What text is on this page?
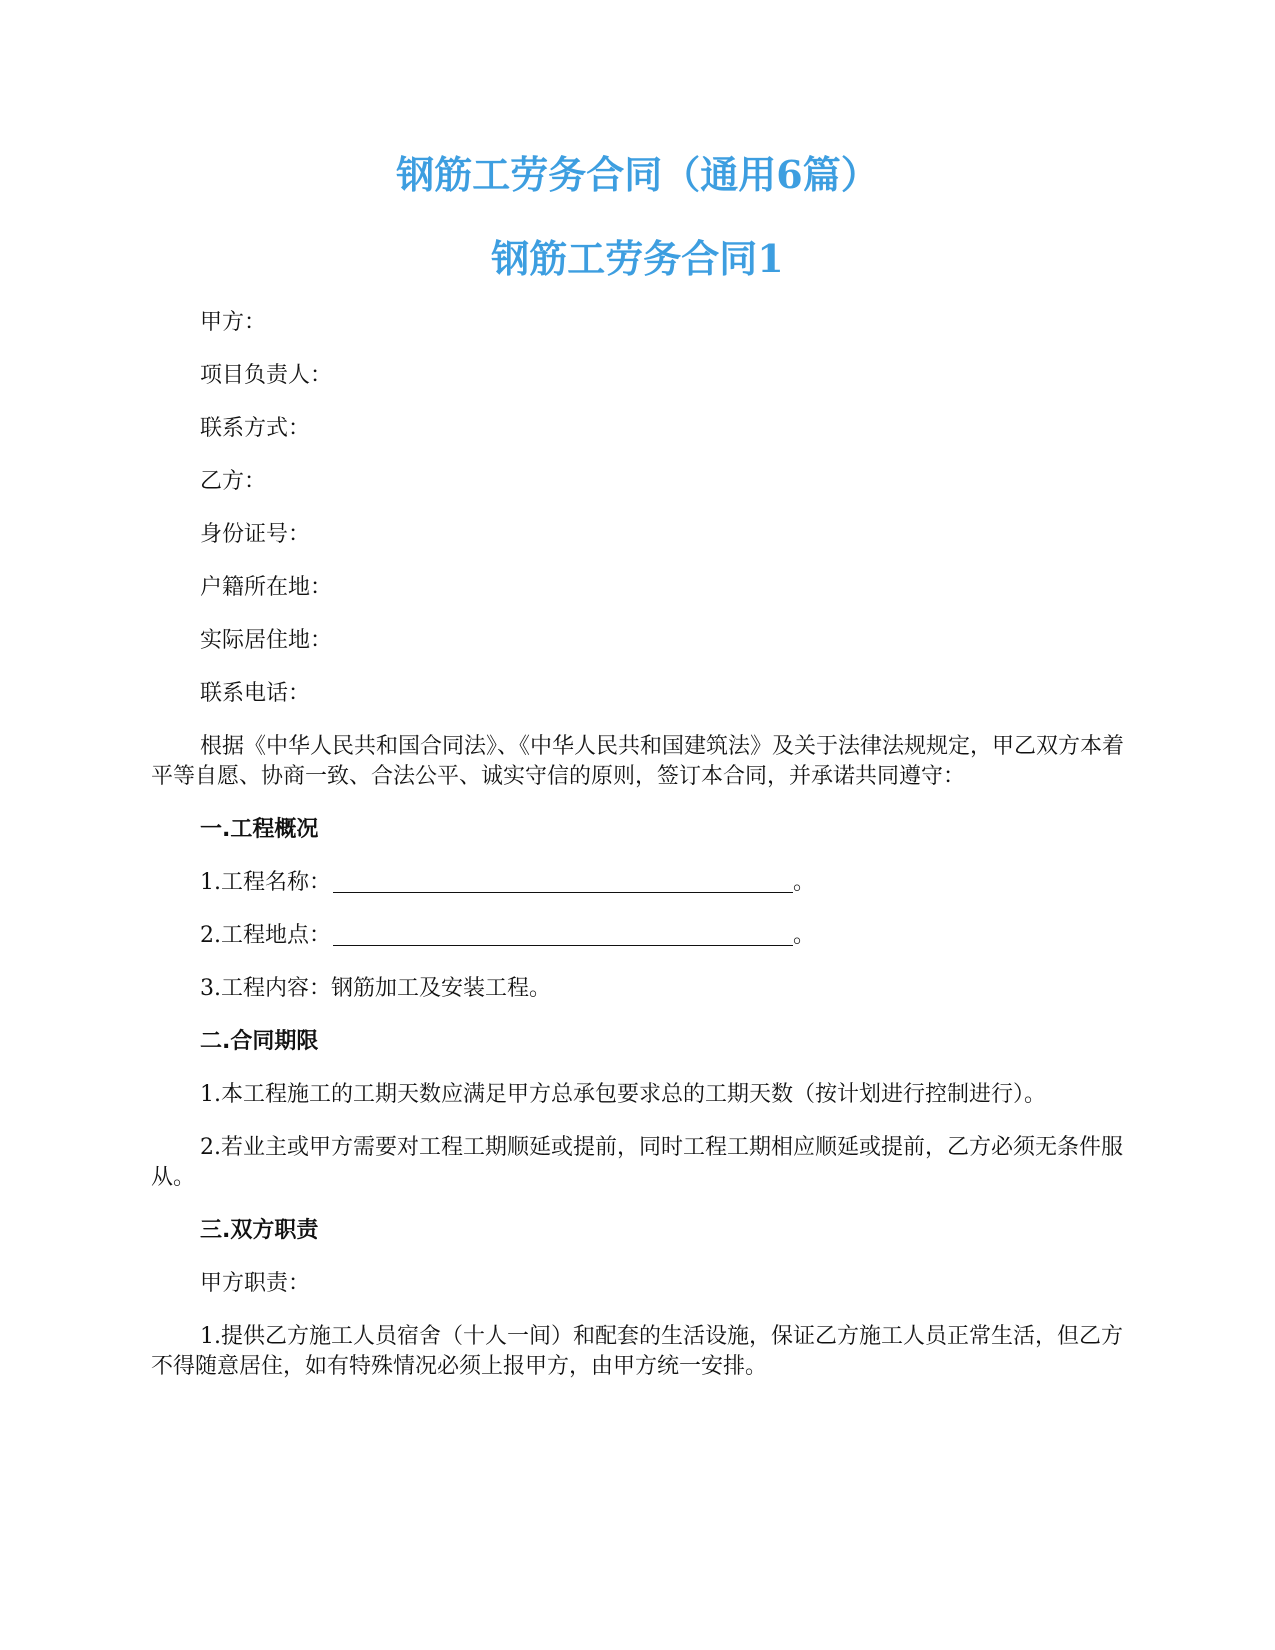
钢筋工劳务合同（通用6篇）
钢筋工劳务合同1

甲方：

项目负责人：

联系方式：

乙方：

身份证号：

户籍所在地：

实际居住地：

联系电话：

根据《中华人民共和国合同法》、《中华人民共和国建筑法》及关于法律法规规定，甲乙双方本着平等自愿、协商一致、合法公平、诚实守信的原则，签订本合同，并承诺共同遵守：

一.工程概况

1.工程名称：	。

2.工程地点：	。

3.工程内容：钢筋加工及安装工程。

二.合同期限

1.本工程施工的工期天数应满足甲方总承包要求总的工期天数（按计划进行控制进行）。

2.若业主或甲方需要对工程工期顺延或提前，同时工程工期相应顺延或提前，乙方必须无条件服从。

三.双方职责

甲方职责：

1.提供乙方施工人员宿舍（十人一间）和配套的生活设施，保证乙方施工人员正常生活，但乙方不得随意居住，如有特殊情况必须上报甲方，由甲方统一安排。
